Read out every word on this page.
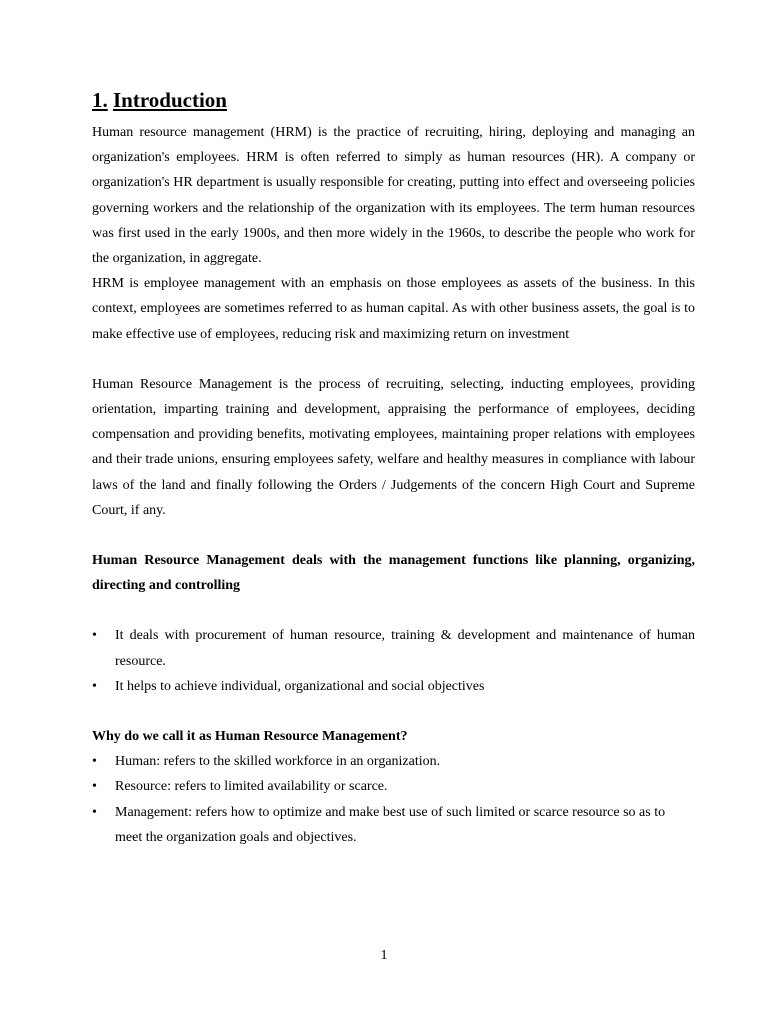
1. Introduction

Human resource management (HRM) is the practice of recruiting, hiring, deploying and managing an organization's employees. HRM is often referred to simply as human resources (HR). A company or organization's HR department is usually responsible for creating, putting into effect and overseeing policies governing workers and the relationship of the organization with its employees. The term human resources was first used in the early 1900s, and then more widely in the 1960s, to describe the people who work for the organization, in aggregate.

HRM is employee management with an emphasis on those employees as assets of the business. In this context, employees are sometimes referred to as human capital. As with other business assets, the goal is to make effective use of employees, reducing risk and maximizing return on investment

Human Resource Management is the process of recruiting, selecting, inducting employees, providing orientation, imparting training and development, appraising the performance of employees, deciding compensation and providing benefits, motivating employees, maintaining proper relations with employees and their trade unions, ensuring employees safety, welfare and healthy measures in compliance with labour laws of the land and finally following the Orders / Judgements of the concern High Court and Supreme Court, if any.

Human Resource Management deals with the management functions like planning, organizing, directing and controlling

• It deals with procurement of human resource, training & development and maintenance of human resource.
• It helps to achieve individual, organizational and social objectives

Why do we call it as Human Resource Management?

• Human: refers to the skilled workforce in an organization.
• Resource: refers to limited availability or scarce.
• Management: refers how to optimize and make best use of such limited or scarce resource so as to meet the organization goals and objectives.
1
